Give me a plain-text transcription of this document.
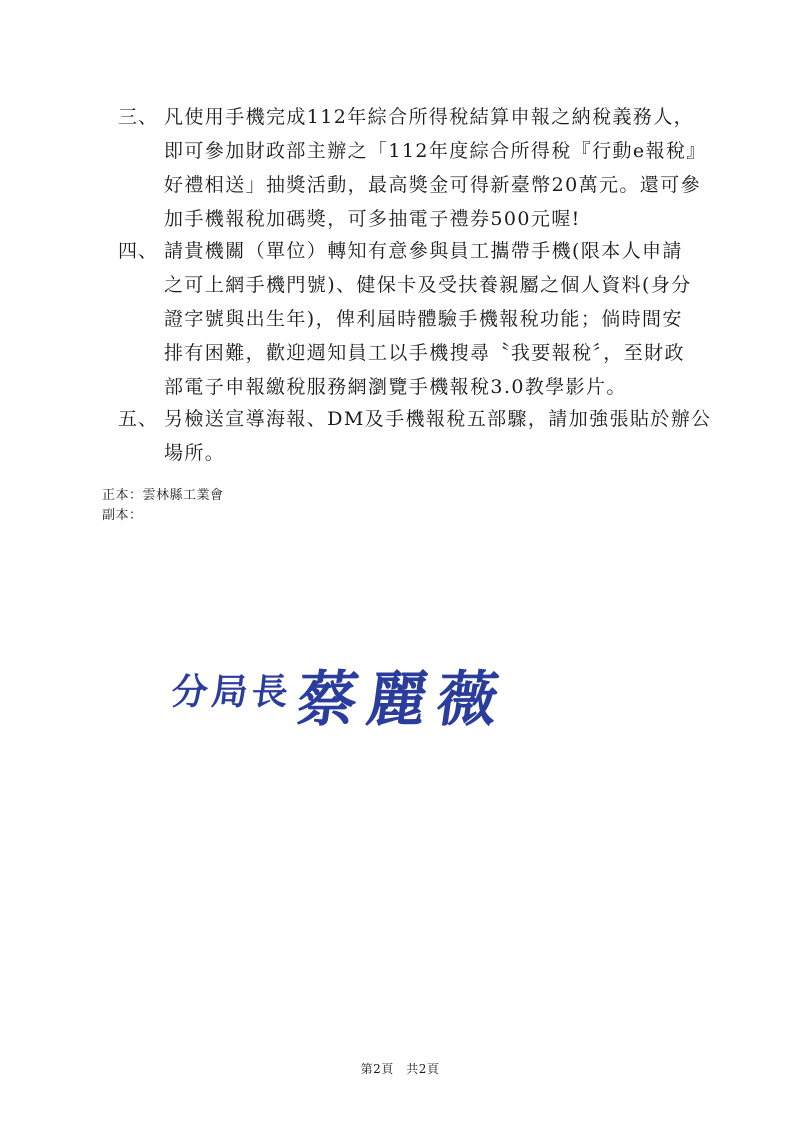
三、 凡使用手機完成112年綜合所得稅結算申報之納稅義務人，
即可參加財政部主辦之「112年度綜合所得稅『行動e報稅』
好禮相送」抽獎活動，最高獎金可得新臺幣20萬元。還可參
加手機報稅加碼獎，可多抽電子禮券500元喔!
四、 請貴機關（單位）轉知有意參與員工攜帶手機(限本人申請
之可上網手機門號)、健保卡及受扶養親屬之個人資料(身分
證字號與出生年)，俾利屆時體驗手機報稅功能；倘時間安
排有困難，歡迎週知員工以手機搜尋〝我要報稅〞，至財政
部電子申報繳稅服務網瀏覽手機報稅3.0教學影片。
五、 另檢送宣導海報、DM及手機報稅五部驟，請加強張貼於辦公
場所。
正本：雲林縣工業會
副本：
分局長
蔡麗薇
第2頁　共2頁
